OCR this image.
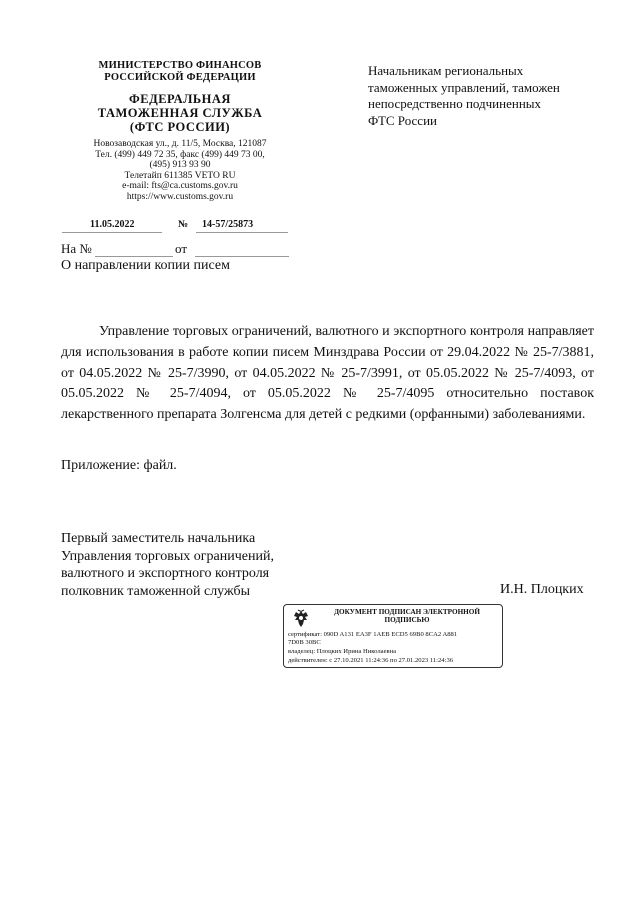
МИНИСТЕРСТВО ФИНАНСОВ
РОССИЙСКОЙ ФЕДЕРАЦИИ
ФЕДЕРАЛЬНАЯ
ТАМОЖЕННАЯ СЛУЖБА
(ФТС РОССИИ)
Новозаводская ул., д. 11/5, Москва, 121087
Тел. (499) 449 72 35, факс (499) 449 73 00,
(495) 913 93 90
Телетайп 611385 VETO RU
e-mail: fts@ca.customs.gov.ru
https://www.customs.gov.ru
11.05.2022	№ 14-57/25873
На №	от
О направлении копии писем
Начальникам региональных
таможенных управлений, таможен
непосредственно подчиненных
ФТС России
Управление торговых ограничений, валютного и экспортного контроля направляет для использования в работе копии писем Минздрава России от 29.04.2022 № 25-7/3881, от 04.05.2022 № 25-7/3990, от 04.05.2022 № 25-7/3991, от 05.05.2022 № 25-7/4093, от 05.05.2022 № 25-7/4094, от 05.05.2022 № 25-7/4095 относительно поставок лекарственного препарата Золгенсма для детей с редкими (орфанными) заболеваниями.
Приложение: файл.
Первый заместитель начальника
Управления торговых ограничений,
валютного и экспортного контроля
полковник таможенной службы	И.Н. Плоцких
ДОКУМЕНТ ПОДПИСАН ЭЛЕКТРОННОЙ
ПОДПИСЬЮ
сертификат: 090D A131 EA3F 1AEB ECD5 69B0 8CA2 A881
7D0B 30BC
владелец: Плоцких Ирина Николаевна
действителен: с 27.10.2021 11:24:36 по 27.01.2023 11:24:36
